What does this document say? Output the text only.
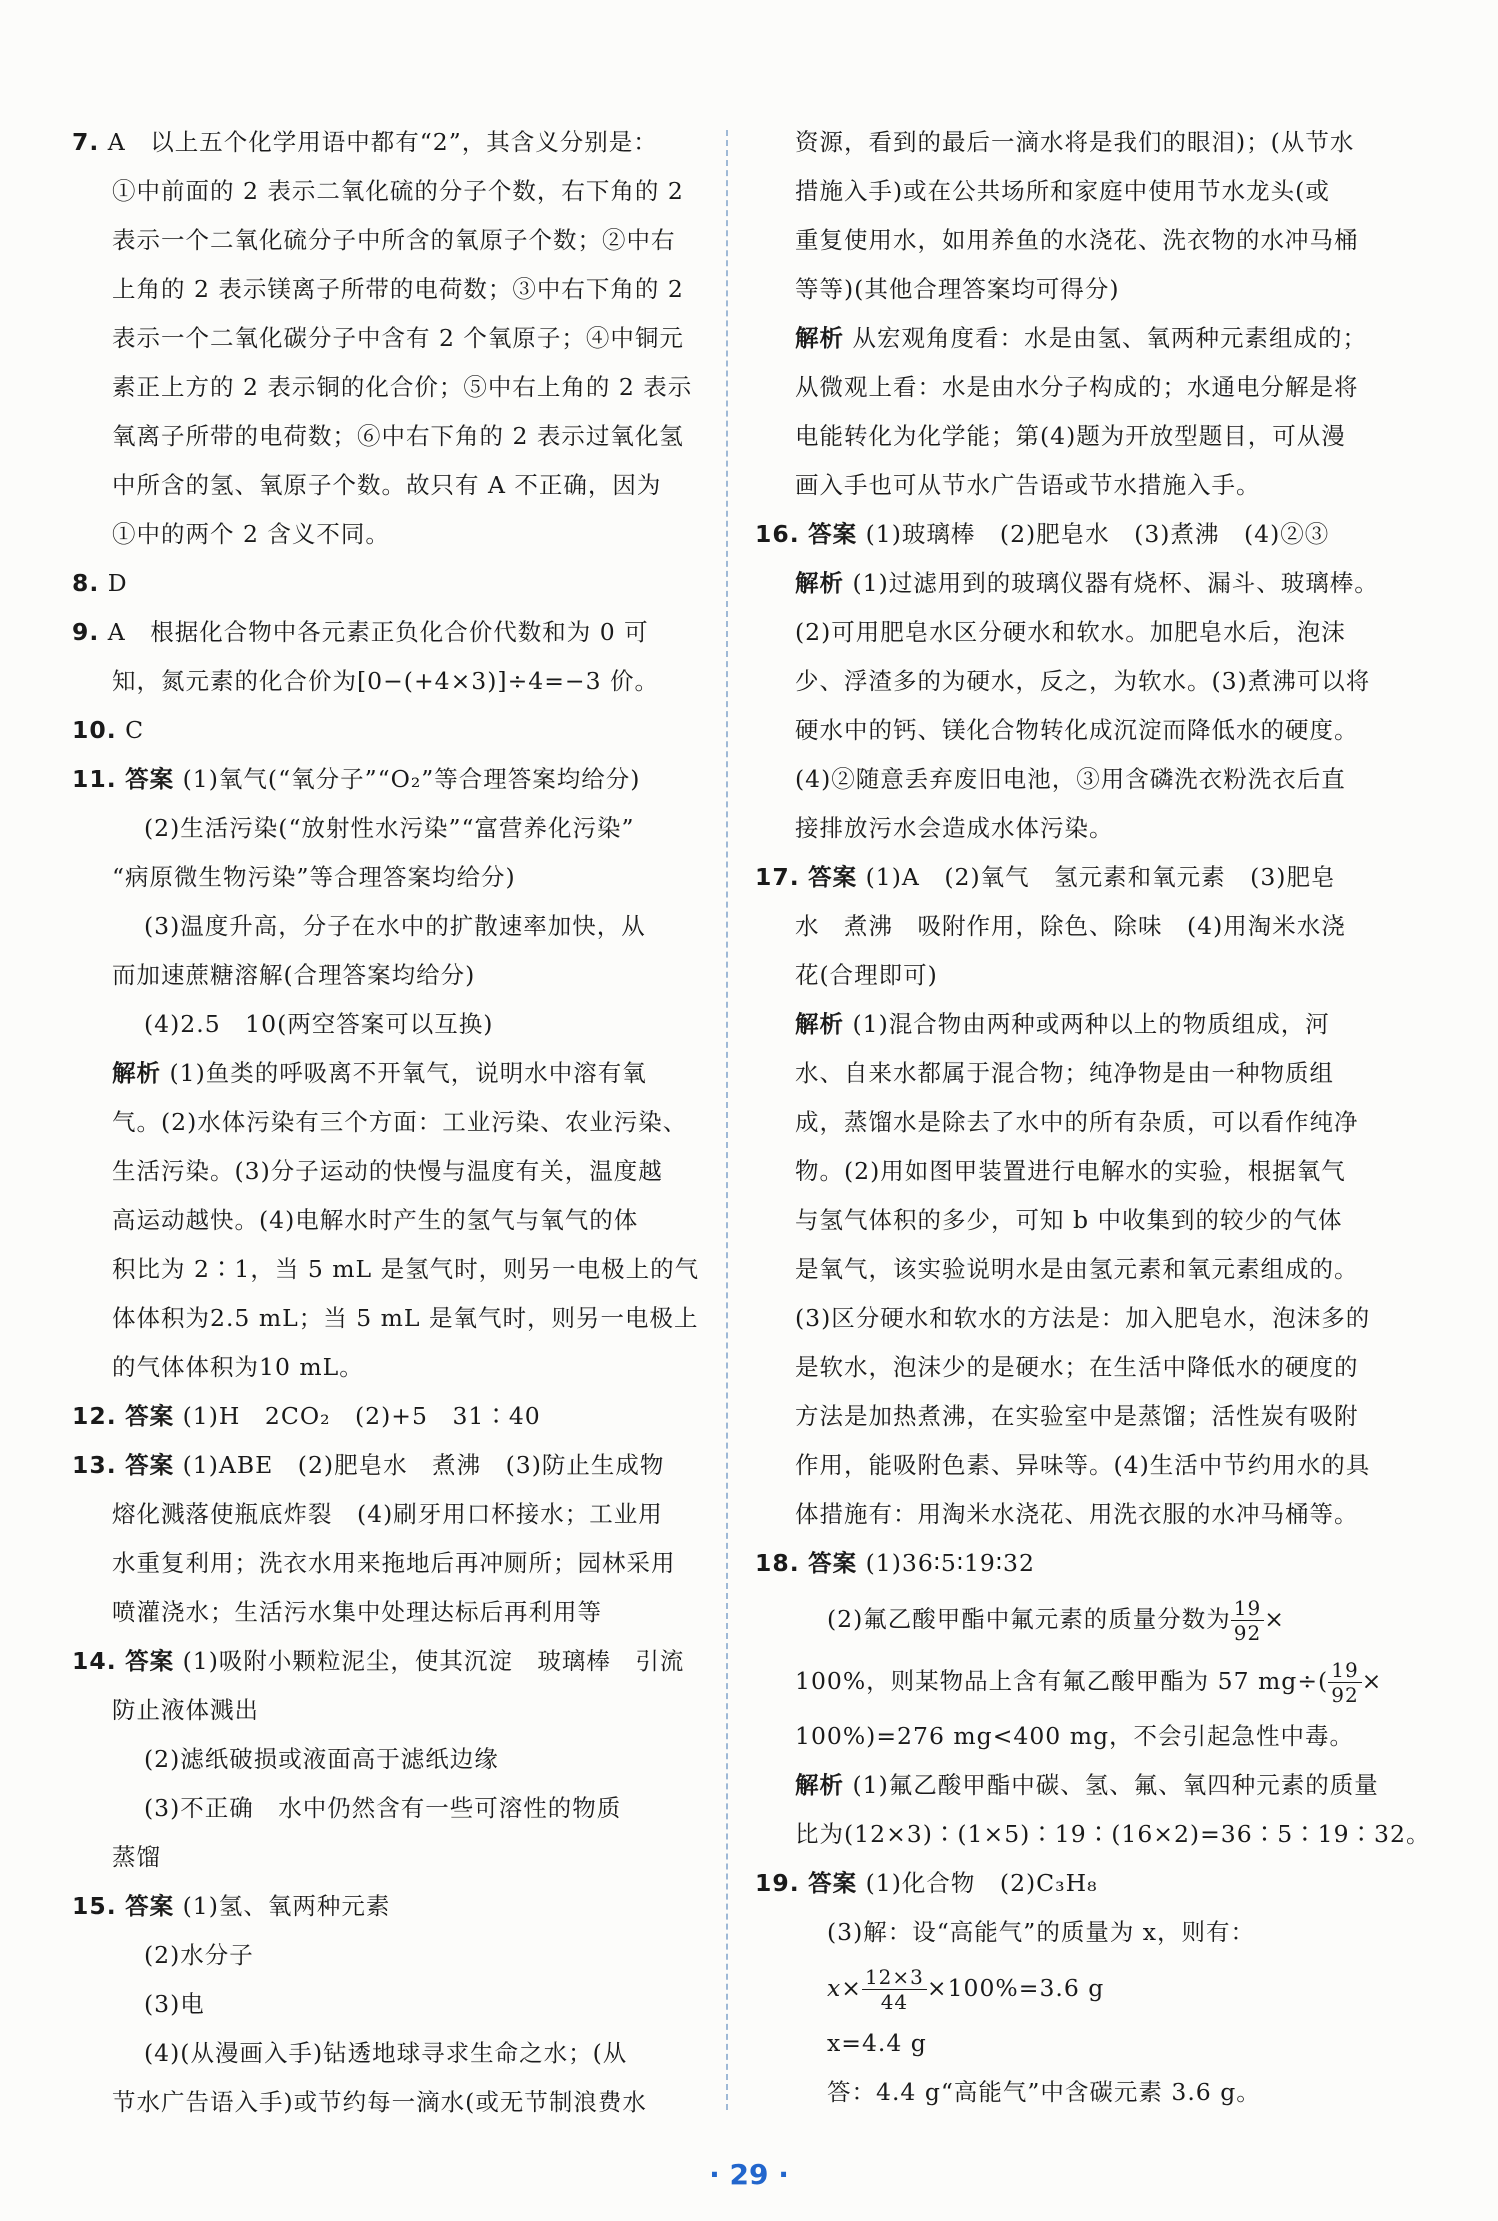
7. A　以上五个化学用语中都有“2”，其含义分别是：
①中前面的 2 表示二氧化硫的分子个数，右下角的 2
表示一个二氧化硫分子中所含的氧原子个数；②中右
上角的 2 表示镁离子所带的电荷数；③中右下角的 2
表示一个二氧化碳分子中含有 2 个氧原子；④中铜元
素正上方的 2 表示铜的化合价；⑤中右上角的 2 表示
氧离子所带的电荷数；⑥中右下角的 2 表示过氧化氢
中所含的氢、氧原子个数。故只有 A 不正确，因为
①中的两个 2 含义不同。
8. D
9. A　根据化合物中各元素正负化合价代数和为 0 可
知，氮元素的化合价为[0−(+4×3)]÷4=−3 价。
10. C
11. 答案 (1)氧气(“氧分子”“O₂”等合理答案均给分)
(2)生活污染(“放射性水污染”“富营养化污染”
“病原微生物污染”等合理答案均给分)
(3)温度升高，分子在水中的扩散速率加快，从
而加速蔗糖溶解(合理答案均给分)
(4)2.5　10(两空答案可以互换)
解析 (1)鱼类的呼吸离不开氧气，说明水中溶有氧
气。(2)水体污染有三个方面：工业污染、农业污染、
生活污染。(3)分子运动的快慢与温度有关，温度越
高运动越快。(4)电解水时产生的氢气与氧气的体
积比为 2∶1，当 5 mL 是氢气时，则另一电极上的气
体体积为2.5 mL；当 5 mL 是氧气时，则另一电极上
的气体体积为10 mL。
12. 答案 (1)H　2CO₂　(2)+5　31∶40
13. 答案 (1)ABE　(2)肥皂水　煮沸　(3)防止生成物
熔化溅落使瓶底炸裂　(4)刷牙用口杯接水；工业用
水重复利用；洗衣水用来拖地后再冲厕所；园林采用
喷灌浇水；生活污水集中处理达标后再利用等
14. 答案 (1)吸附小颗粒泥尘，使其沉淀　玻璃棒　引流
防止液体溅出
(2)滤纸破损或液面高于滤纸边缘
(3)不正确　水中仍然含有一些可溶性的物质
蒸馏
15. 答案 (1)氢、氧两种元素
(2)水分子
(3)电
(4)(从漫画入手)钻透地球寻求生命之水；(从
节水广告语入手)或节约每一滴水(或无节制浪费水
资源，看到的最后一滴水将是我们的眼泪)；(从节水
措施入手)或在公共场所和家庭中使用节水龙头(或
重复使用水，如用养鱼的水浇花、洗衣物的水冲马桶
等等)(其他合理答案均可得分)
解析 从宏观角度看：水是由氢、氧两种元素组成的；
从微观上看：水是由水分子构成的；水通电分解是将
电能转化为化学能；第(4)题为开放型题目，可从漫
画入手也可从节水广告语或节水措施入手。
16. 答案 (1)玻璃棒　(2)肥皂水　(3)煮沸　(4)②③
解析 (1)过滤用到的玻璃仪器有烧杯、漏斗、玻璃棒。
(2)可用肥皂水区分硬水和软水。加肥皂水后，泡沫
少、浮渣多的为硬水，反之，为软水。(3)煮沸可以将
硬水中的钙、镁化合物转化成沉淀而降低水的硬度。
(4)②随意丢弃废旧电池，③用含磷洗衣粉洗衣后直
接排放污水会造成水体污染。
17. 答案 (1)A　(2)氧气　氢元素和氧元素　(3)肥皂
水　煮沸　吸附作用，除色、除味　(4)用淘米水浇
花(合理即可)
解析 (1)混合物由两种或两种以上的物质组成，河
水、自来水都属于混合物；纯净物是由一种物质组
成，蒸馏水是除去了水中的所有杂质，可以看作纯净
物。(2)用如图甲装置进行电解水的实验，根据氧气
与氢气体积的多少，可知 b 中收集到的较少的气体
是氧气，该实验说明水是由氢元素和氧元素组成的。
(3)区分硬水和软水的方法是：加入肥皂水，泡沫多的
是软水，泡沫少的是硬水；在生活中降低水的硬度的
方法是加热煮沸，在实验室中是蒸馏；活性炭有吸附
作用，能吸附色素、异味等。(4)生活中节约用水的具
体措施有：用淘米水浇花、用洗衣服的水冲马桶等。
18. 答案 (1)36∶5∶19∶32
(2)氟乙酸甲酯中氟元素的质量分数为 $\frac{19}{92}$ ×
100%，则某物品上含有氟乙酸甲酯为 57 $mg\div( \frac{19}{92}$ ×
100%)=276 mg<400 mg，不会引起急性中毒。
解析 (1)氟乙酸甲酯中碳、氢、氟、氧四种元素的质量
比为(12×3)∶(1×5)∶19∶(16×2)=36∶5∶19∶32。
19. 答案 (1)化合物　(2)C₃H₈
(3)解：设“高能气”的质量为 x，则有：
$x\times \frac{12\times 3}{44} \times 100\%=3.6$ g
x=4.4 g
答：4.4 g“高能气”中含碳元素 3.6 g。
· 29 ·
